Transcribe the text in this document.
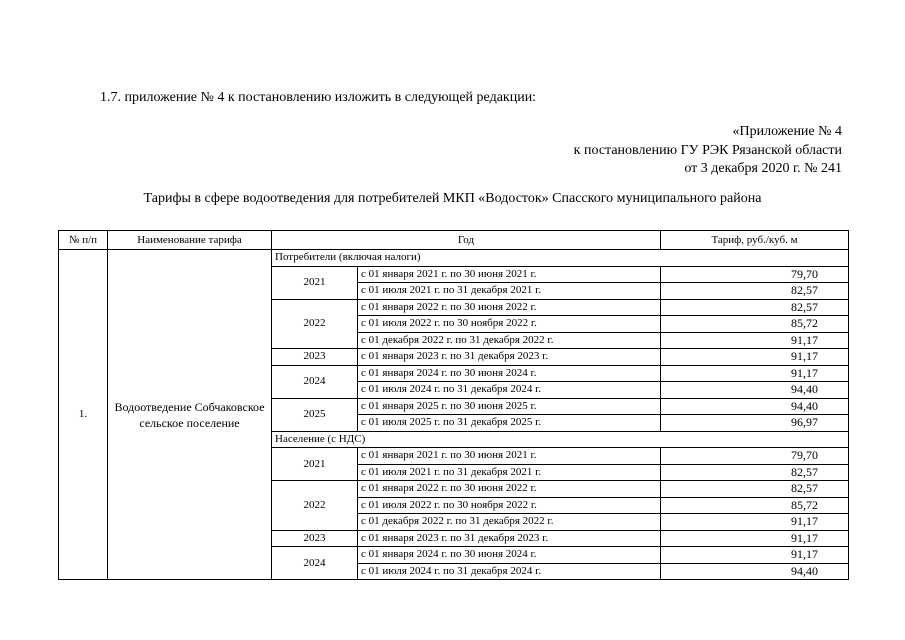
1.7. приложение № 4 к постановлению изложить в следующей редакции:
«Приложение № 4
к постановлению ГУ РЭК Рязанской области
от 3 декабря 2020 г. № 241
Тарифы в сфере водоотведения для потребителей МКП «Водосток» Спасского муниципального района
№ п/п	Наименование тарифа	Год		Тариф, руб./куб. м
1.	Водоотведение Собчаковское сельское поселение	Потребители (включая налоги)		
		2021	с 01 января 2021 г. по 30 июня 2021 г.	79,70
			с 01 июля 2021 г. по 31 декабря 2021 г.	82,57
		2022	с 01 января 2022 г. по 30 июня 2022 г.	82,57
			с 01 июля 2022 г. по 30 ноября 2022 г.	85,72
			с 01 декабря 2022 г. по 31 декабря 2022 г.	91,17
		2023	с 01 января 2023 г. по 31 декабря 2023 г.	91,17
		2024	с 01 января 2024 г. по 30 июня 2024 г.	91,17
			с 01 июля 2024 г. по 31 декабря 2024 г.	94,40
		2025	с 01 января 2025 г. по 30 июня 2025 г.	94,40
			с 01 июля 2025 г. по 31 декабря 2025 г.	96,97
		Население (с НДС)		
		2021	с 01 января 2021 г. по 30 июня 2021 г.	79,70
			с 01 июля 2021 г. по 31 декабря 2021 г.	82,57
		2022	с 01 января 2022 г. по 30 июня 2022 г.	82,57
			с 01 июля 2022 г. по 30 ноября 2022 г.	85,72
			с 01 декабря 2022 г. по 31 декабря 2022 г.	91,17
		2023	с 01 января 2023 г. по 31 декабря 2023 г.	91,17
		2024	с 01 января 2024 г. по 30 июня 2024 г.	91,17
			с 01 июля 2024 г. по 31 декабря 2024 г.	94,40
